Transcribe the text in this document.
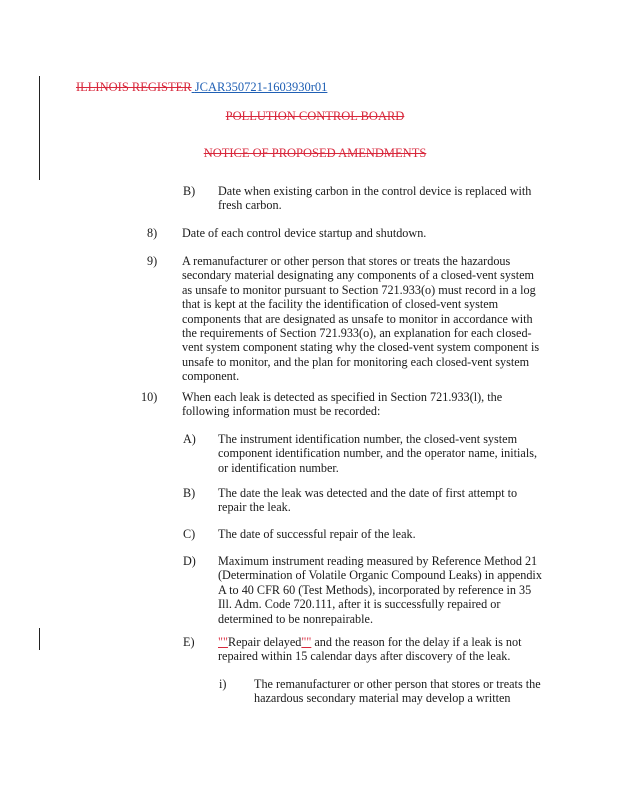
ILLINOIS REGISTER JCAR350721-1603930r01
POLLUTION CONTROL BOARD
NOTICE OF PROPOSED AMENDMENTS
B) Date when existing carbon in the control device is replaced with fresh carbon.
8) Date of each control device startup and shutdown.
9) A remanufacturer or other person that stores or treats the hazardous secondary material designating any components of a closed-vent system as unsafe to monitor pursuant to Section 721.933(o) must record in a log that is kept at the facility the identification of closed-vent system components that are designated as unsafe to monitor in accordance with the requirements of Section 721.933(o), an explanation for each closed-vent system component stating why the closed-vent system component is unsafe to monitor, and the plan for monitoring each closed-vent system component.
10) When each leak is detected as specified in Section 721.933(l), the following information must be recorded:
A) The instrument identification number, the closed-vent system component identification number, and the operator name, initials, or identification number.
B) The date the leak was detected and the date of first attempt to repair the leak.
C) The date of successful repair of the leak.
D) Maximum instrument reading measured by Reference Method 21 (Determination of Volatile Organic Compound Leaks) in appendix A to 40 CFR 60 (Test Methods), incorporated by reference in 35 Ill. Adm. Code 720.111, after it is successfully repaired or determined to be nonrepairable.
E) ""Repair delayed"" and the reason for the delay if a leak is not repaired within 15 calendar days after discovery of the leak.
i) The remanufacturer or other person that stores or treats the hazardous secondary material may develop a written
